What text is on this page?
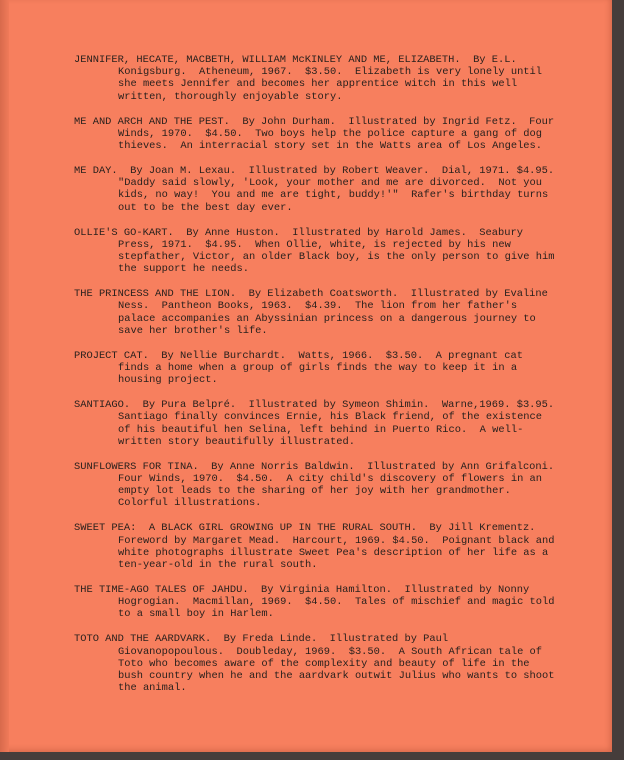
JENNIFER, HECATE, MACBETH, WILLIAM McKINLEY AND ME, ELIZABETH.  By E.L. Konigsburg.  Atheneum, 1967.  $3.50.  Elizabeth is very lonely until she meets Jennifer and becomes her apprentice witch in this well written, thoroughly enjoyable story.

ME AND ARCH AND THE PEST.  By John Durham.  Illustrated by Ingrid Fetz.  Four Winds, 1970.  $4.50.  Two boys help the police capture a gang of dog thieves.  An interracial story set in the Watts area of Los Angeles.

ME DAY.  By Joan M. Lexau.  Illustrated by Robert Weaver.  Dial, 1971. $4.95.  "Daddy said slowly, 'Look, your mother and me are divorced.  Not you kids, no way!  You and me are tight, buddy!'"  Rafer's birthday turns out to be the best day ever.

OLLIE'S GO-KART.  By Anne Huston.  Illustrated by Harold James.  Seabury Press, 1971.  $4.95.  When Ollie, white, is rejected by his new stepfather, Victor, an older Black boy, is the only person to give him the support he needs.

THE PRINCESS AND THE LION.  By Elizabeth Coatsworth.  Illustrated by Evaline Ness.  Pantheon Books, 1963.  $4.39.  The lion from her father's  palace accompanies an Abyssinian princess on a dangerous journey to save her brother's life.

PROJECT CAT.  By Nellie Burchardt.  Watts, 1966.  $3.50.  A pregnant cat finds a home when a group of girls finds the way to keep it in a housing project.

SANTIAGO.  By Pura Belpré.  Illustrated by Symeon Shimin.  Warne,1969. $3.95.  Santiago finally convinces Ernie, his Black friend, of the existence of his beautiful hen Selina, left behind in Puerto Rico.  A well-written story beautifully illustrated.

SUNFLOWERS FOR TINA.  By Anne Norris Baldwin.  Illustrated by Ann Grifalconi.  Four Winds, 1970.  $4.50.  A city child's discovery of flowers in an empty lot leads to the sharing of her joy with her grandmother.  Colorful illustrations.

SWEET PEA:  A BLACK GIRL GROWING UP IN THE RURAL SOUTH.  By Jill Krementz.  Foreword by Margaret Mead.  Harcourt, 1969. $4.50.  Poignant black and white photographs illustrate Sweet Pea's description of her life as a ten-year-old in the rural south.

THE TIME-AGO TALES OF JAHDU.  By Virginia Hamilton.  Illustrated by Nonny Hogrogian.  Macmillan, 1969.  $4.50.  Tales of mischief and magic told to a small boy in Harlem.

TOTO AND THE AARDVARK.  By Freda Linde.  Illustrated by Paul Giovanopopoulous.  Doubleday, 1969.  $3.50.  A South African tale of Toto who becomes aware of the complexity and beauty of life in the bush country when he and the aardvark outwit Julius who wants to shoot the animal.
